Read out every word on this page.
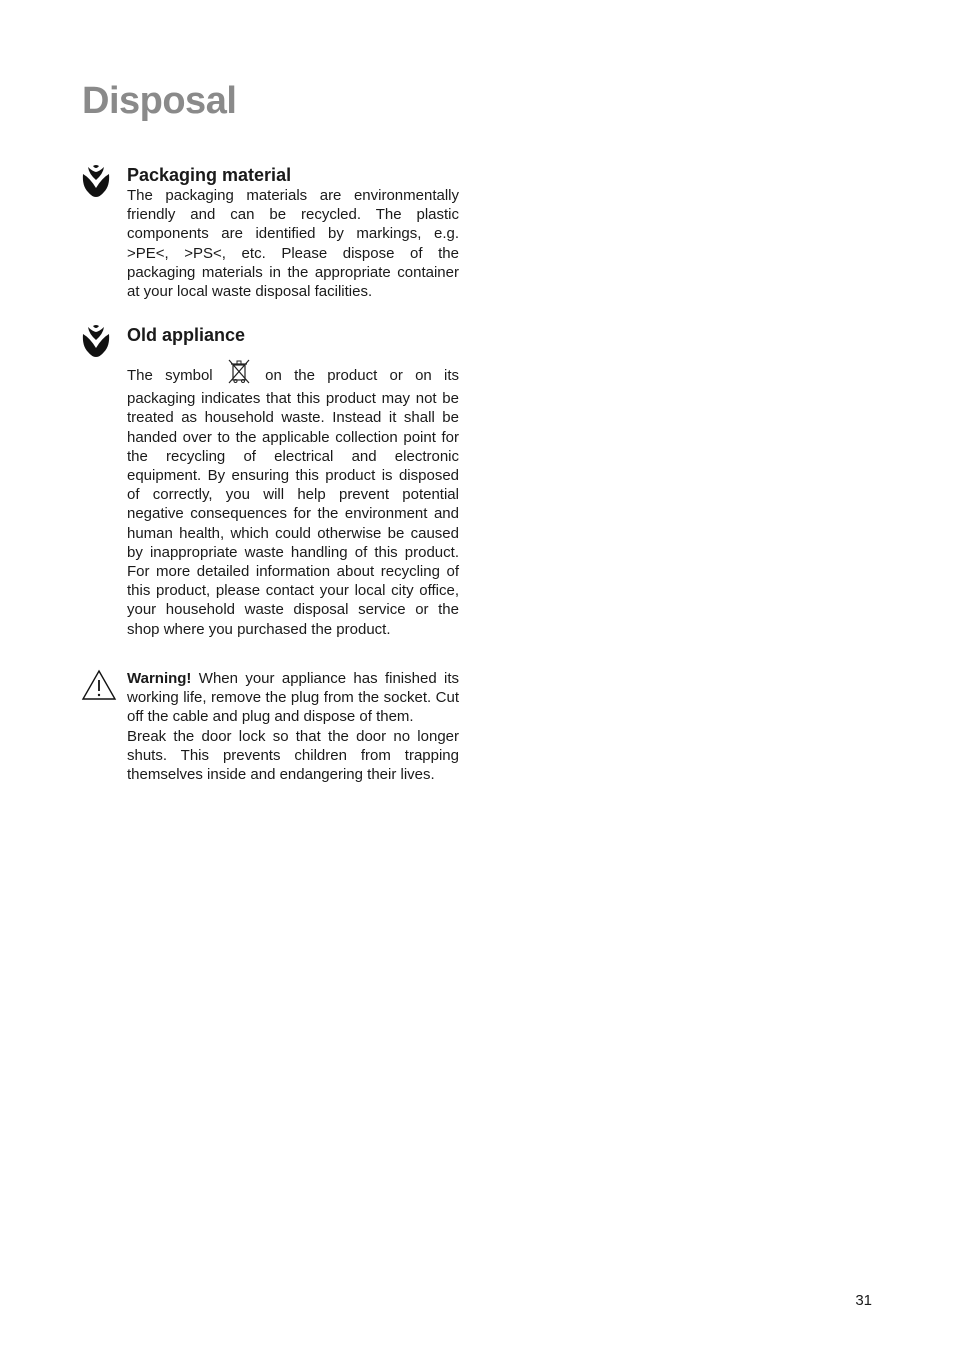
Disposal
Packaging material

The packaging materials are environmentally friendly and can be recycled. The plastic components are identified by markings, e.g. >PE<, >PS<, etc. Please dispose of the packaging materials in the appropriate container at your local waste disposal facilities.

Old appliance

The symbol	on the product or on its packaging indicates that this product may not be treated as household waste. Instead it shall be handed over to the applicable collection point for the recycling of electrical and electronic equipment. By ensuring this product is disposed of correctly, you will help prevent potential negative consequences for the environment and human health, which could otherwise be caused by inappropriate waste handling of this product. For more detailed information about recycling of this product, please contact your local city office, your household waste disposal service or the shop where you purchased the product.

Warning! When your appliance has finished its working life, remove the plug from the socket. Cut off the cable and plug and dispose of them.

Break the door lock so that the door no longer shuts. This prevents children from trapping themselves inside and endangering their lives.

31
